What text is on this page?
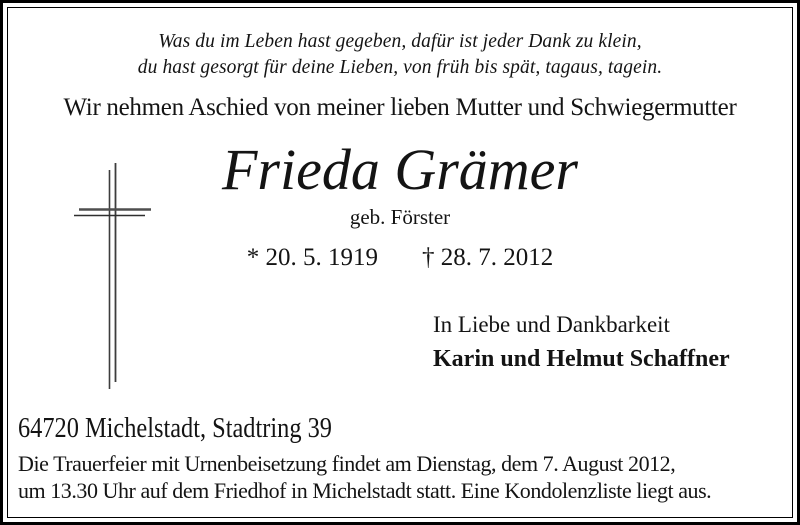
Was du im Leben hast gegeben, dafür ist jeder Dank zu klein,
du hast gesorgt für deine Lieben, von früh bis spät, tagaus, tagein.
Wir nehmen Aschied von meiner lieben Mutter und Schwiegermutter
Frieda Grämer
geb. Förster
* 20. 5. 1919 † 28. 7. 2012
In Liebe und Dankbarkeit
Karin und Helmut Schaffner
64720 Michelstadt, Stadtring 39
Die Trauerfeier mit Urnenbeisetzung findet am Dienstag, dem 7. August 2012,
um 13.30 Uhr auf dem Friedhof in Michelstadt statt. Eine Kondolenzliste liegt aus.
